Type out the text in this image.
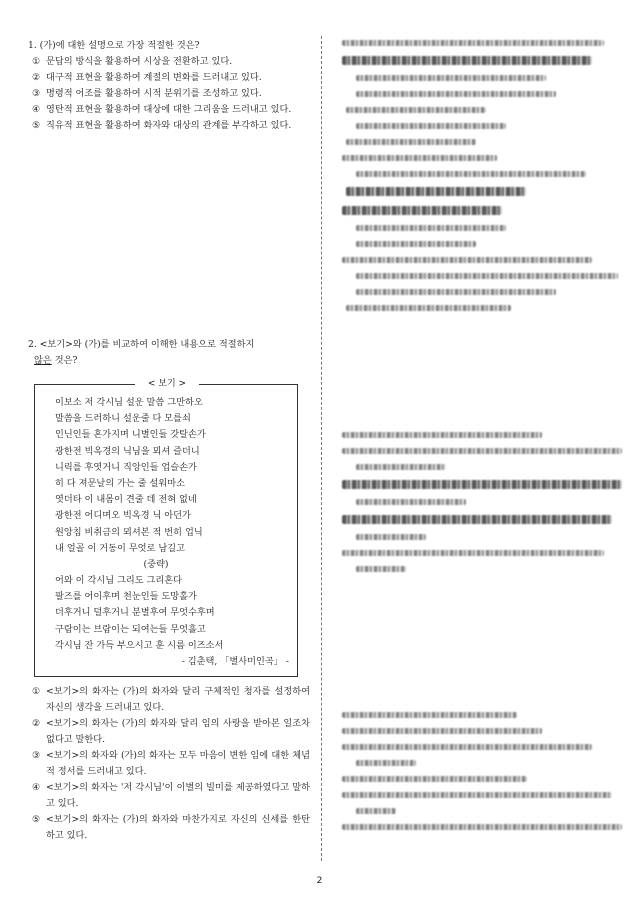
1. (가)에 대한 설명으로 가장 적절한 것은?

① 문답의 방식을 활용하여 시상을 전환하고 있다.
② 대구적 표현을 활용하여 계절의 변화를 드러내고 있다.
③ 명령적 어조를 활용하여 시적 분위기를 조성하고 있다.
④ 영탄적 표현을 활용하여 대상에 대한 그리움을 드러내고 있다.
⑤ 직유적 표현을 활용하여 화자와 대상의 관계를 부각하고 있다.

2. <보기>와 (가)를 비교하여 이해한 내용으로 적절하지
않은 것은?

< 보기 >
이보소 저 각시님 설운 말씀 그만하오
말씀을 드러하니 설운줄 다 모를쇠
인닌인들 혼가지며 니별인들 갓탈손가
광한전 빅옥경의 닉님을 뫼셔 즐더니
니릭를 후엿거니 직앙인들 업슬손가
히 다 져문날의 가는 줄 설워마소
엿더타 이 내몸이 견줄 데 전혀 없네
광한전 어디며오 빅옥경 닉 아던가
원앙침 비취금의 뫼셔본 적 번히 업닉
내 얼골 이 거동이 무엇로 남길고
(중략)
어와 이 각시님 그리도 그리혼다
팔즈를 어이후며 천눈인들 도망홀가
더후거니 덜후거니 분별후여 무엇수후며
구람이는 브람이는 되여는들 무엇흘고
각시님 잔 가득 부으시고 훈 시름 이즈소서
- 김춘택, 「별사미인곡」 -
① <보기>의 화자는 (가)의 화자와 달리 구체적인 청자를 설정하여 자신의 생각을 드러내고 있다.
② <보기>의 화자는 (가)의 화자와 달리 임의 사랑을 받아본 일조차 없다고 말한다.
③ <보기>의 화자와 (가)의 화자는 모두 마음이 변한 임에 대한 체념적 정서를 드러내고 있다.
④ <보기>의 화자는 '저 각시님'이 이별의 빌미를 제공하였다고 말하고 있다.
⑤ <보기>의 화자는 (가)의 화자와 마찬가지로 자신의 신세를 한탄하고 있다.
2
